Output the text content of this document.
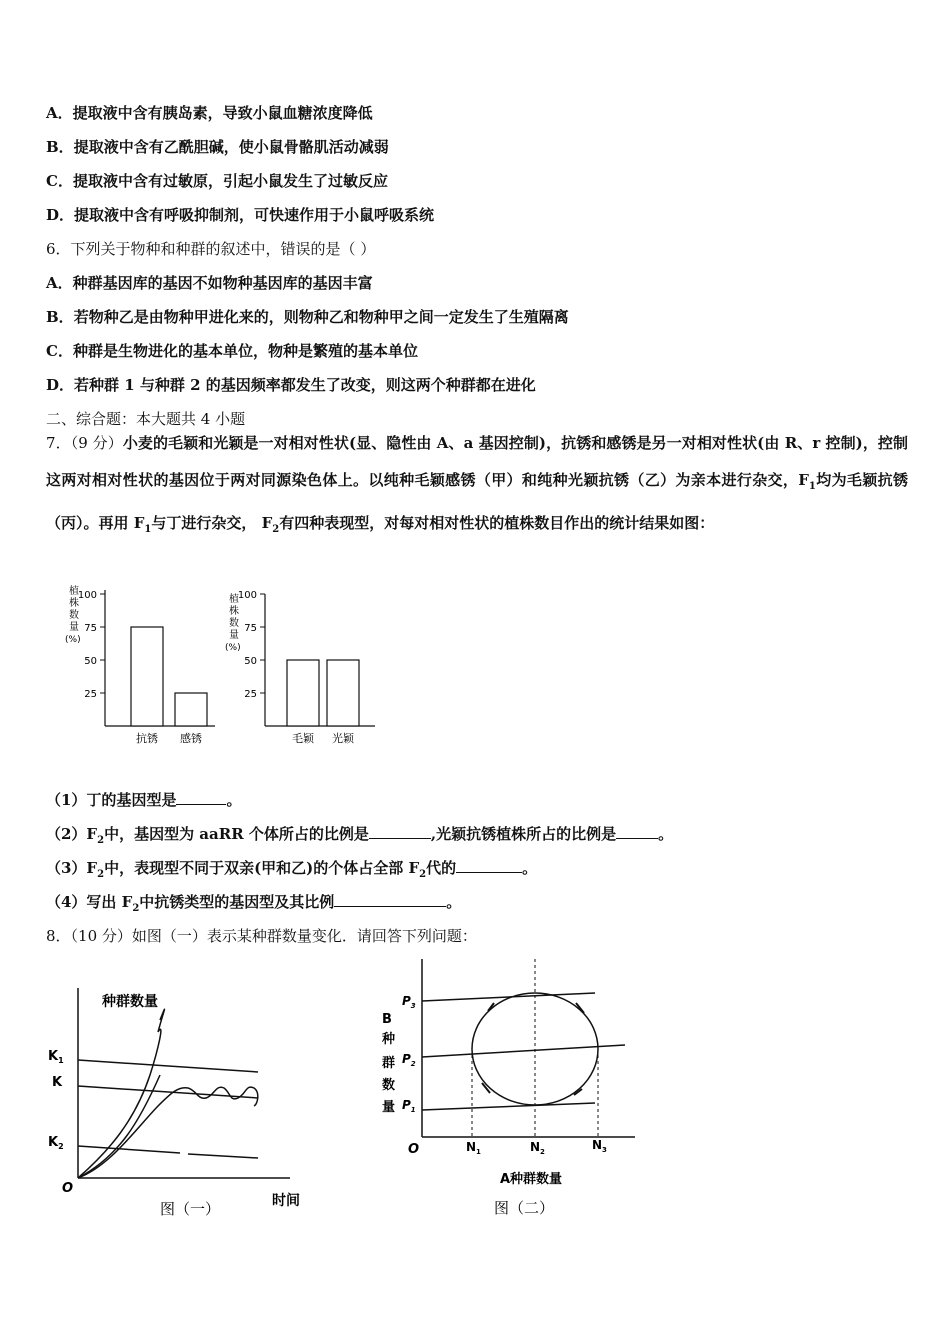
A．提取液中含有胰岛素，导致小鼠血糖浓度降低
B．提取液中含有乙酰胆碱，使小鼠骨骼肌活动减弱
C．提取液中含有过敏原，引起小鼠发生了过敏反应
D．提取液中含有呼吸抑制剂，可快速作用于小鼠呼吸系统
6．下列关于物种和种群的叙述中，错误的是（ ）
A．种群基因库的基因不如物种基因库的基因丰富
B．若物种乙是由物种甲进化来的，则物种乙和物种甲之间一定发生了生殖隔离
C．种群是生物进化的基本单位，物种是繁殖的基本单位
D．若种群 1 与种群 2 的基因频率都发生了改变，则这两个种群都在进化
二、综合题：本大题共 4 小题
7．（9 分）小麦的毛颖和光颖是一对相对性状(显、隐性由 A、a 基因控制)，抗锈和感锈是另一对相对性状(由 R、r 控制)，控制这两对相对性状的基因位于两对同源染色体上。以纯种毛颖感锈（甲）和纯种光颖抗锈（乙）为亲本进行杂交，$F_1$均为毛颖抗锈（丙）。再用 $F_1$与丁进行杂交， $F_2$有四种表现型，对每对相对性状的植株数目作出的统计结果如图：
植
株
数
量
(%)
100
75
50
25
抗锈 感锈
植
株
数
量
(%)
100
75
50
25
毛颖 光颖
（1）丁的基因型是	。
$(2)F_2$中，基因型为 aaRR 个体所占的比例是	,光颖抗锈植株所占的比例是	。
$(3)F_2$中，表现型不同于双亲(甲和乙)的个体占全部 $F_2$代的	。
（4）写出 $F_2$中抗锈类型的基因型及其比例	。
8．（10 分）如图（一）表示某种群数量变化．请回答下列问题：
种群数量
$K_1$
K
$K_2$
O
时间
图（一）
B
种
群
数
量
$P_3$
$P_2$
$P_1$
O	$N_1$	$N_2$	$N_3$
A种群数量
图（二）
